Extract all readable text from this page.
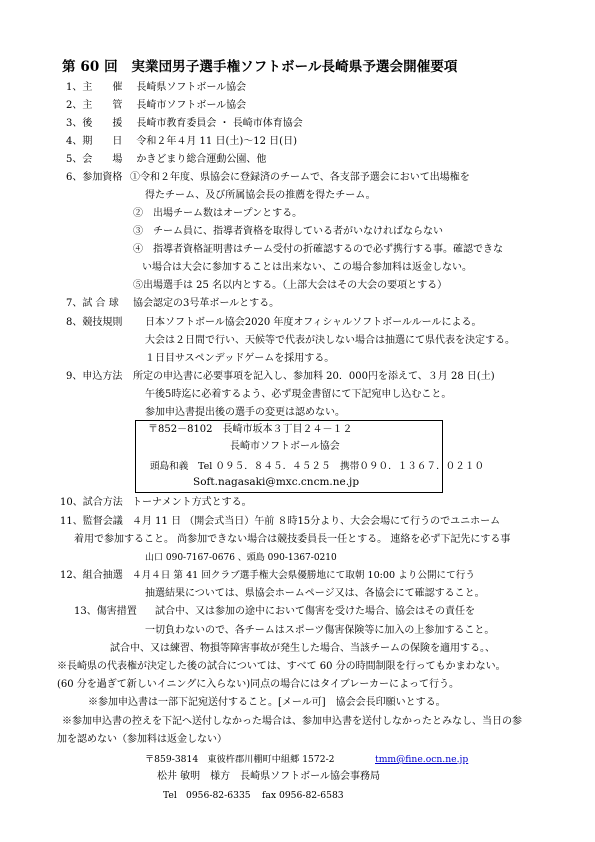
第 60 回　実業団男子選手権ソフトボール長崎県予選会開催要項
1、主 催 長崎県ソフトボール協会
2、主 管 長崎市ソフトボール協会
3、後 援 長崎市教育委員会 ・ 長崎市体育協会
4、期 日 令和２年４月 11 日(土)～12 日(日)
5、会 場 かきどまり総合運動公園、他
6、参加資格 ①令和２年度、県協会に登録済のチームで、各支部予選会において出場権を
得たチーム、及び所属協会長の推薦を得たチーム。
②　出場チーム数はオープンとする。
③　チーム員に、指導者資格を取得している者がいなければならない
④　指導者資格証明書はチーム受付の折確認するので必ず携行する事。確認できな
い場合は大会に参加することは出来ない、この場合参加料は返金しない。
⑤出場選手は 25 名以内とする。（上部大会はその大会の要項とする）
7、試 合 球 協会認定の3号革ボールとする。
8、競技規則 日本ソフトボール協会2020 年度オフィシャルソフトボールルールによる。
大会は２日間で行い、天候等で代表が決しない場合は抽選にて県代表を決定する。
１日目サスペンデッドゲームを採用する。
9、申込方法 所定の申込書に必要事項を記入し、参加料 20．000円を添えて、３月 28 日(土)
午後5時迄に必着するよう、必ず現金書留にて下記宛申し込むこと。
参加申込書提出後の選手の変更は認めない。
〒852－8102　長崎市坂本３丁目２４－１２
長崎市ソフトボール協会
頭島和義　Tel ０９５．８４５．４５２５　携帯０９０．１３６７．０２１０
Soft.nagasaki@mxc.cncm.ne.jp
10、試合方法 トーナメント方式とする。
11、監督会議 ４月 11 日 （開会式当日）午前 ８時15分より、大会会場にて行うのでユニホーム
着用で参加すること。 尚参加できない場合は競技委員長一任とする。 連絡を必ず下記先にする事
山口 090-7167-0676 、頭島 090-1367-0210
12、組合抽選 ４月４日 第 41 回クラブ選手権大会県優勝地にて取朝 10:00 より公開にて行う
抽選結果については、県協会ホームページ又は、各協会にて確認すること。
13、傷害措置 試合中、又は参加の途中において傷害を受けた場合、協会はその責任を
一切負わないので、各チームはスポーツ傷害保険等に加入の上参加すること。
試合中、又は練習、物損等障害事故が発生した場合、当該チームの保険を適用する。、
※長崎県の代表権が決定した後の試合については、すべて 60 分の時間制限を行ってもかまわない。
(60 分を過ぎて新しいイニングに入らない)同点の場合にはタイブレーカーによって行う。
※参加申込書は一部下記宛送付すること。[メール可]　協会会長印願いとする。
※参加申込書の控えを下記へ送付しなかった場合は、参加申込書を送付しなかったとみなし、当日の参
加を認めない（参加料は返金しない）
〒859-3814　東彼杵郡川棚町中組郷 1572-2	tmm@fine.ocn.ne.jp
松井 敏明　様方　長崎県ソフトボール協会事務局
Tel　0956-82-6335 fax 0956-82-6583
